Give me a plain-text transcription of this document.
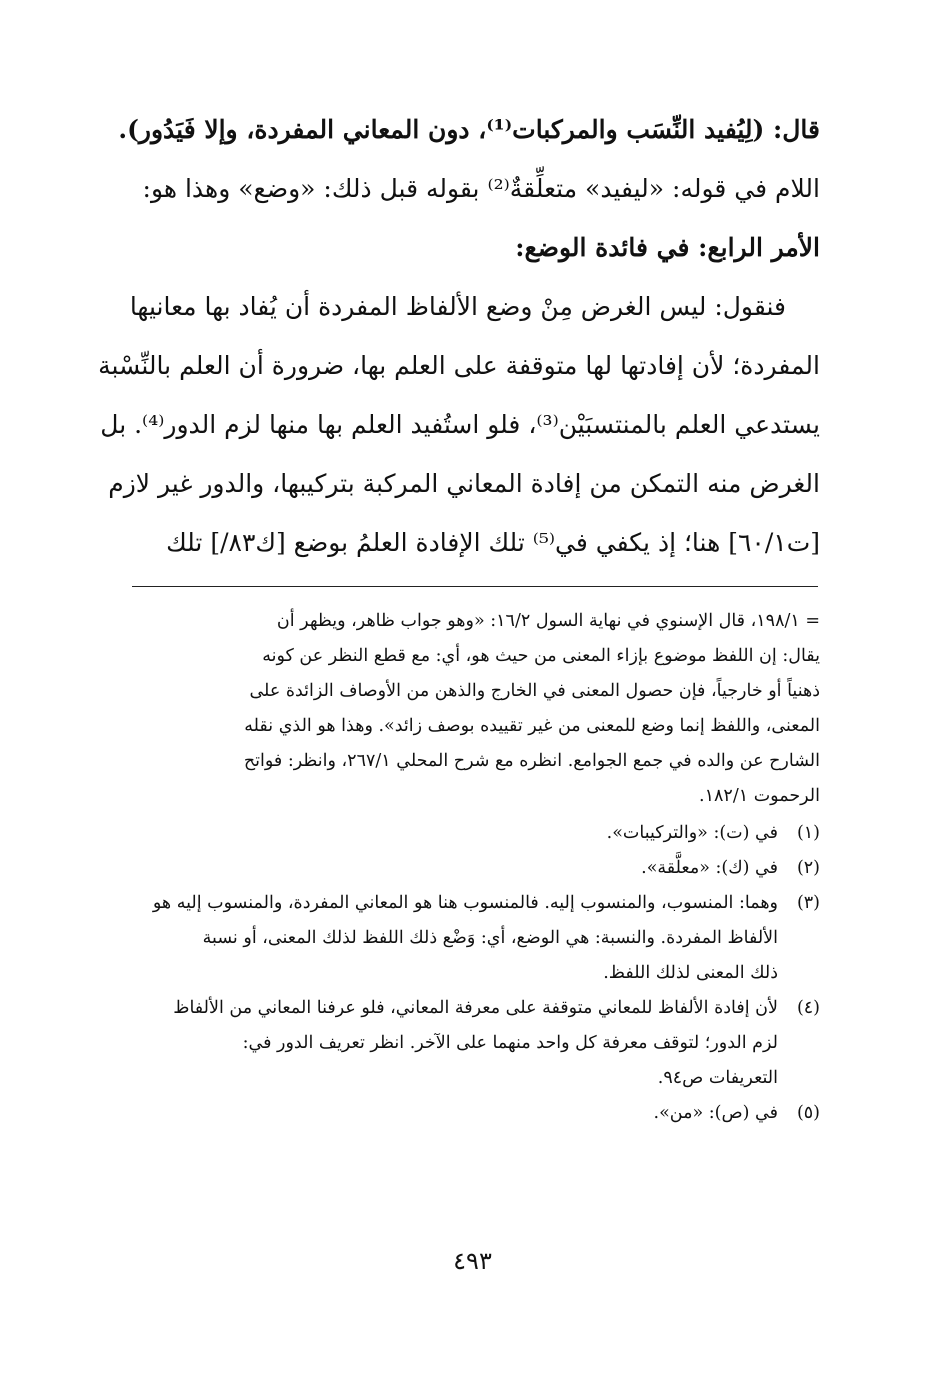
قال: (لِيُفيد النِّسَب والمركبات⁽¹⁾، دون المعاني المفردة، وإلا فَيَدُور).

اللام في قوله: «ليفيد» متعلِّقةٌ⁽²⁾ بقوله قبل ذلك: «وضع» وهذا هو:

الأمر الرابع: في فائدة الوضع:

فنقول: ليس الغرض مِنْ وضع الألفاظ المفردة أن يُفاد بها معانيها

المفردة؛ لأن إفادتها لها متوقفة على العلم بها، ضرورة أن العلم بالنِّسْبة

يستدعي العلم بالمنتسبَيْن⁽³⁾، فلو استُفيد العلم بها منها لزم الدور⁽⁴⁾. بل

الغرض منه التمكن من إفادة المعاني المركبة بتركيبها، والدور غير لازم

[ت٦٠/١] هنا؛ إذ يكفي في⁽⁵⁾ تلك الإفادة العلمُ بوضع [ك٨٣/] تلك

= ١٩٨/١، قال الإسنوي في نهاية السول ١٦/٢: «وهو جواب ظاهر، ويظهر أن

يقال: إن اللفظ موضوع بإزاء المعنى من حيث هو، أي: مع قطع النظر عن كونه

ذهنياً أو خارجياً، فإن حصول المعنى في الخارج والذهن من الأوصاف الزائدة على

المعنى، واللفظ إنما وضع للمعنى من غير تقييده بوصف زائد». وهذا هو الذي نقله

الشارح عن والده في جمع الجوامع. انظره مع شرح المحلي ٢٦٧/١، وانظر: فواتح

الرحموت ١٨٢/١.

(١)في (ت): «والتركيبات».

(٢)في (ك): «معلَّقة».

(٣)وهما: المنسوب، والمنسوب إليه. فالمنسوب هنا هو المعاني المفردة، والمنسوب إليه هو

الألفاظ المفردة. والنسبة: هي الوضع، أي: وَضْع ذلك اللفظ لذلك المعنى، أو نسبة

ذلك المعنى لذلك اللفظ.

(٤)لأن إفادة الألفاظ للمعاني متوقفة على معرفة المعاني، فلو عرفنا المعاني من الألفاظ

لزم الدور؛ لتوقف معرفة كل واحد منهما على الآخر. انظر تعريف الدور في:

التعريفات ص٩٤.

(٥)في (ص): «من».

٤٩٣
